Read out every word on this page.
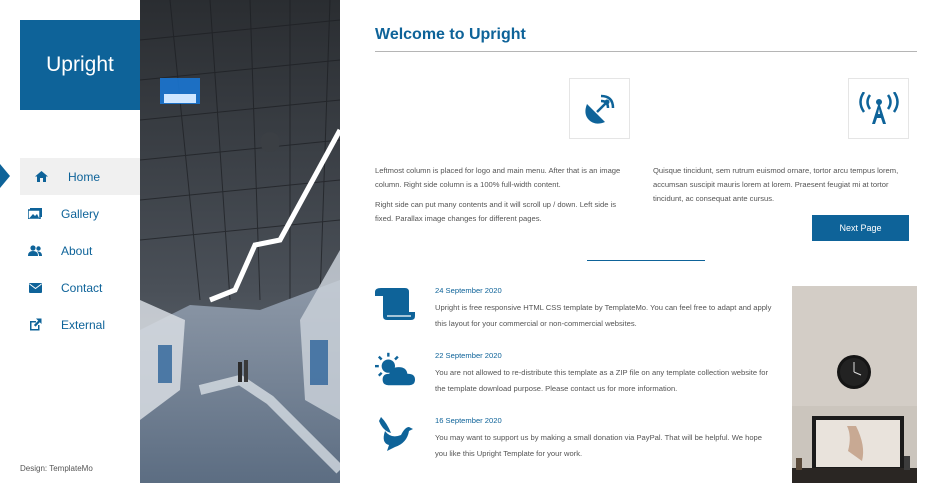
Upright
Home
Gallery
About
Contact
External
Design: TemplateMo
Welcome to Upright

Leftmost column is placed for logo and main menu. After that is an image column. Right side column is a 100% full-width content.

Right side can put many contents and it will scroll up / down. Left side is fixed. Parallax image changes for different pages.

Quisque tincidunt, sem rutrum euismod ornare, tortor arcu tempus lorem, accumsan suscipit mauris lorem at lorem. Praesent feugiat mi at tortor tincidunt, ac consequat ante cursus.

Next Page
24 September 2020
Upright is free responsive HTML CSS template by TemplateMo. You can feel free to adapt and apply this layout for your commercial or non-commercial websites.
22 September 2020
You are not allowed to re-distribute this template as a ZIP file on any template collection website for the template download purpose. Please contact us for more information.
16 September 2020
You may want to support us by making a small donation via PayPal. That will be helpful. We hope you like this Upright Template for your work.
